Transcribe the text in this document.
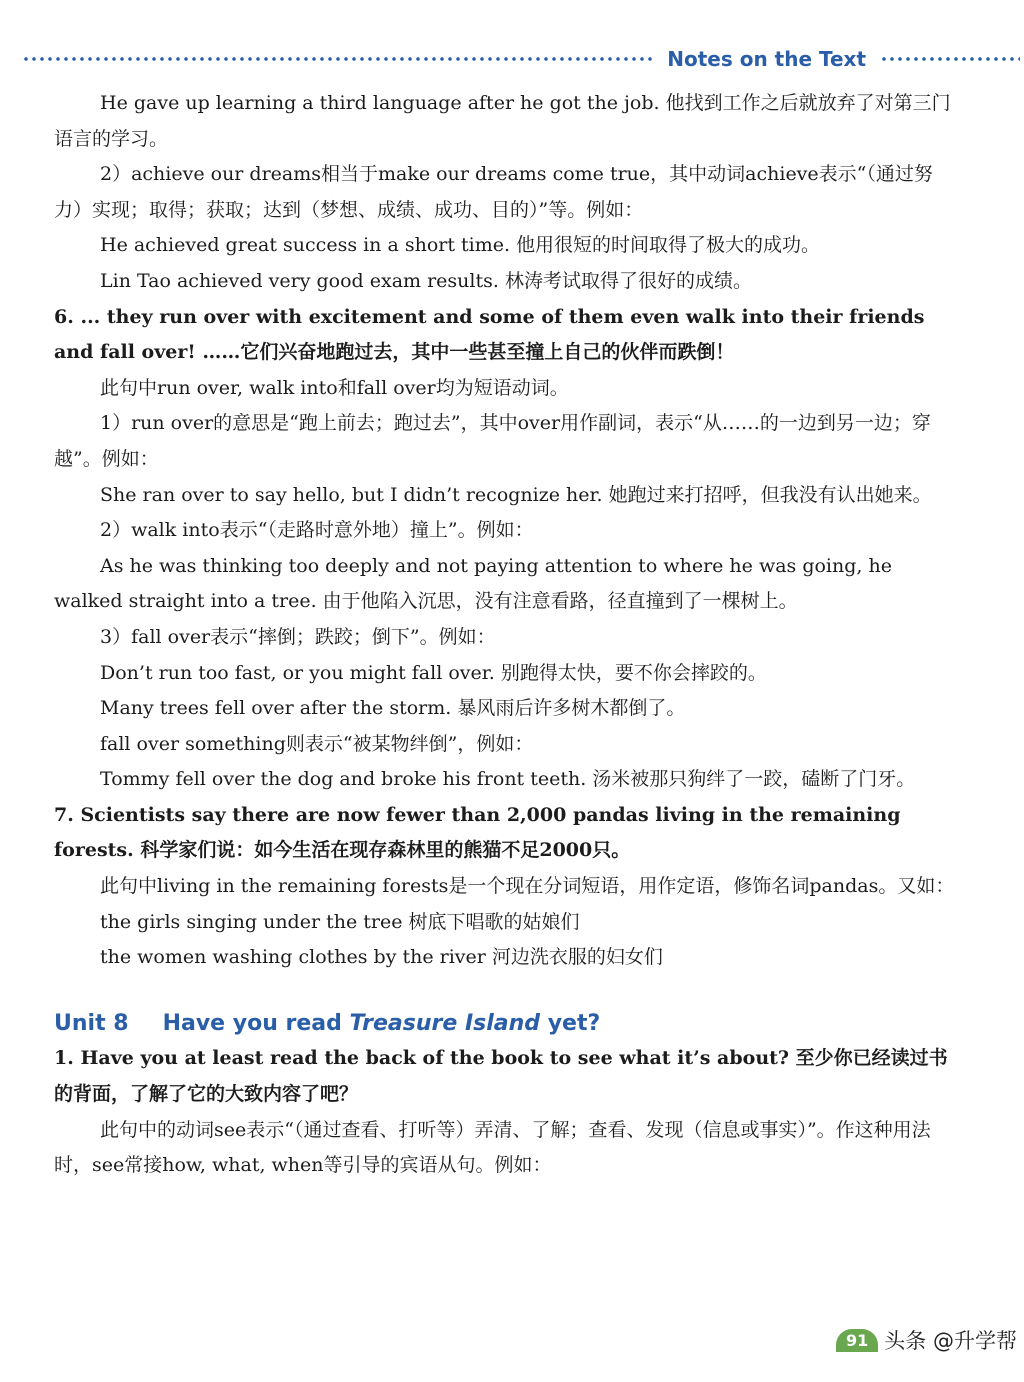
Notes on the Text

He gave up learning a third language after he got the job. 他找到工作之后就放弃了对第三门语言的学习。

2）achieve our dreams相当于make our dreams come true，其中动词achieve表示“（通过努力）实现；取得；获取；达到（梦想、成绩、成功、目的）”等。例如：

He achieved great success in a short time. 他用很短的时间取得了极大的成功。

Lin Tao achieved very good exam results. 林涛考试取得了很好的成绩。

6. ... they run over with excitement and some of them even walk into their friends and fall over! ……它们兴奋地跑过去，其中一些甚至撞上自己的伙伴而跌倒！

此句中run over, walk into和fall over均为短语动词。

1）run over的意思是“跑上前去；跑过去”，其中over用作副词，表示“从……的一边到另一边；穿越”。例如：

She ran over to say hello, but I didn’t recognize her. 她跑过来打招呼，但我没有认出她来。

2）walk into表示“（走路时意外地）撞上”。例如：

As he was thinking too deeply and not paying attention to where he was going, he walked straight into a tree. 由于他陷入沉思，没有注意看路，径直撞到了一棵树上。

3）fall over表示“摔倒；跌跤；倒下”。例如：

Don’t run too fast, or you might fall over. 别跑得太快，要不你会摔跤的。

Many trees fell over after the storm. 暴风雨后许多树木都倒了。

fall over something则表示“被某物绊倒”，例如：

Tommy fell over the dog and broke his front teeth. 汤米被那只狗绊了一跤，磕断了门牙。

7. Scientists say there are now fewer than 2,000 pandas living in the remaining forests. 科学家们说：如今生活在现存森林里的熊猫不足2000只。

此句中living in the remaining forests是一个现在分词短语，用作定语，修饰名词pandas。又如：

the girls singing under the tree 树底下唱歌的姑娘们

the women washing clothes by the river 河边洗衣服的妇女们

Unit 8 Have you read Treasure Island yet?

1. Have you at least read the back of the book to see what it’s about? 至少你已经读过书的背面，了解了它的大致内容了吧？

此句中的动词see表示“（通过查看、打听等）弄清、了解；查看、发现（信息或事实）”。作这种用法时，see常接how, what, when等引导的宾语从句。例如：

91 头条 @升学帮
